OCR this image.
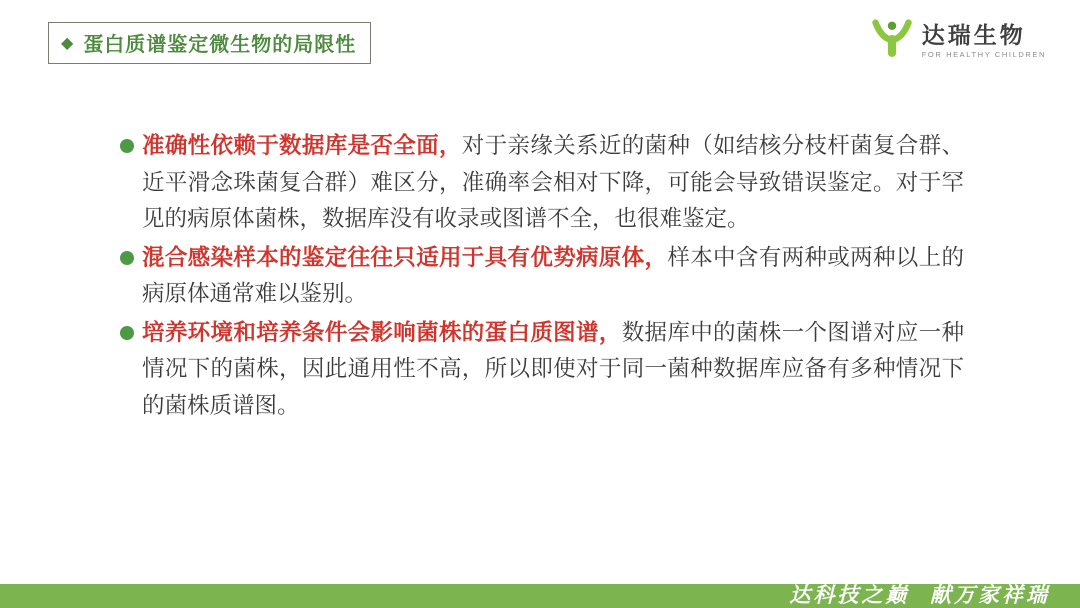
◆ 蛋白质谱鉴定微生物的局限性	达瑞生物
FOR HEALTHY CHILDREN

准确性依赖于数据库是否全面，对于亲缘关系近的菌种（如结核分枝杆菌复合群、近平滑念珠菌复合群）难区分，准确率会相对下降，可能会导致错误鉴定。对于罕见的病原体菌株，数据库没有收录或图谱不全，也很难鉴定。

混合感染样本的鉴定往往只适用于具有优势病原体，样本中含有两种或两种以上的病原体通常难以鉴别。

培养环境和培养条件会影响菌株的蛋白质图谱，数据库中的菌株一个图谱对应一种情况下的菌株，因此通用性不高，所以即使对于同一菌种数据库应备有多种情况下的菌株质谱图。

达科技之巅  献万家祥瑞
